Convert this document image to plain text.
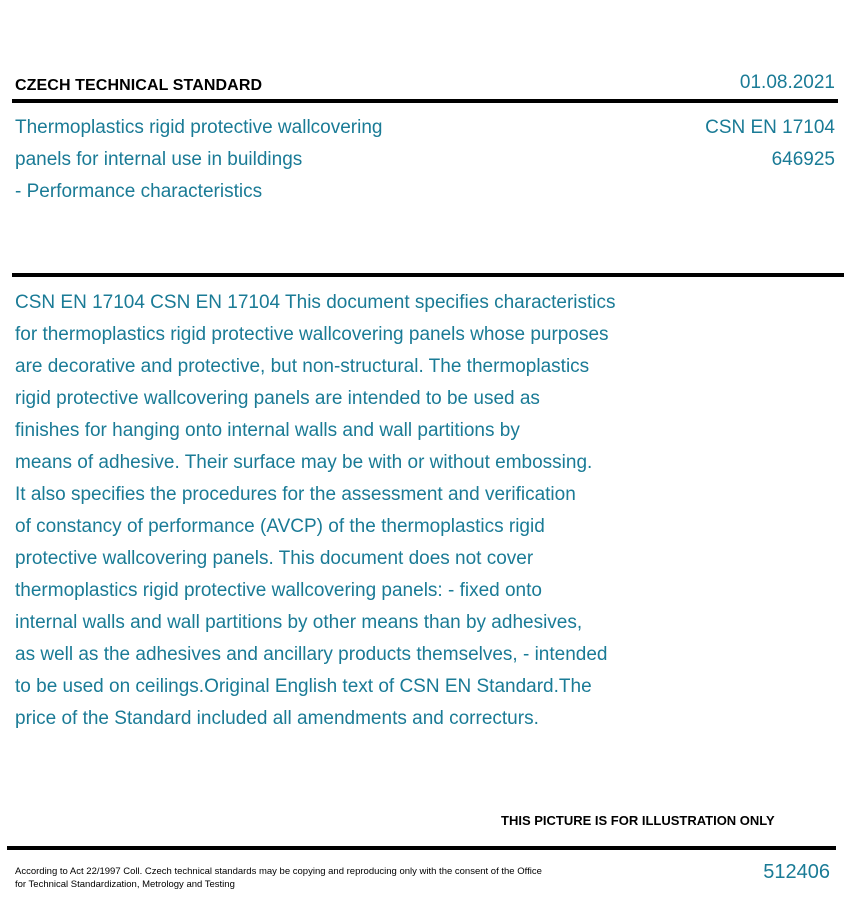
CZECH TECHNICAL STANDARD	01.08.2021
Thermoplastics rigid protective wallcovering
panels for internal use in buildings
- Performance characteristics
CSN EN 17104
646925
CSN EN 17104 CSN EN 17104 This document specifies characteristics
for thermoplastics rigid protective wallcovering panels whose purposes
are decorative and protective, but non-structural. The thermoplastics
rigid protective wallcovering panels are intended to be used as
finishes for hanging onto internal walls and wall partitions by
means of adhesive. Their surface may be with or without embossing.
It also specifies the procedures for the assessment and verification
of constancy of performance (AVCP) of the thermoplastics rigid
protective wallcovering panels. This document does not cover
thermoplastics rigid protective wallcovering panels: - fixed onto
internal walls and wall partitions by other means than by adhesives,
as well as the adhesives and ancillary products themselves, - intended
to be used on ceilings.Original English text of CSN EN Standard.The
price of the Standard included all amendments and correcturs.
THIS PICTURE IS FOR ILLUSTRATION ONLY
According to Act 22/1997 Coll. Czech technical standards may be copying and reproducing only with the consent of the Office
for Technical Standardization, Metrology and Testing
512406
